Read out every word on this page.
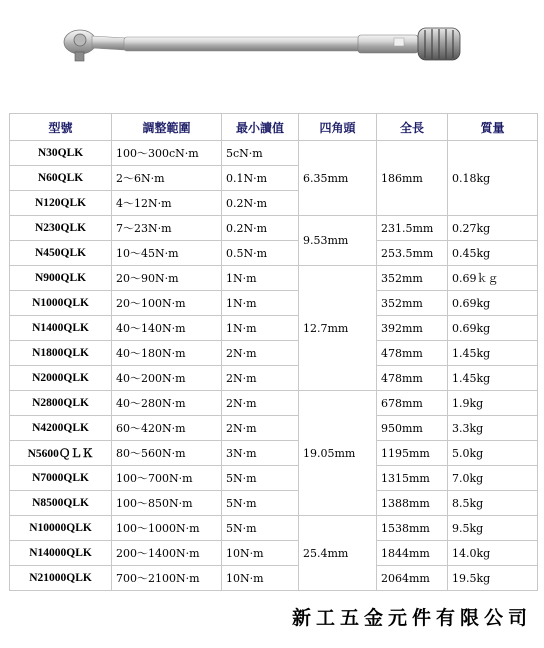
型號	調整範圍	最小讀值	四角頭	全長	質量
N30QLK	100～300cN·m	5cN·m	6.35mm	186mm	0.18kg
N60QLK	2～6N·m	0.1N·m			
N120QLK	4～12N·m	0.2N·m			
N230QLK	7～23N·m	0.2N·m	9.53mm	231.5mm	0.27kg
N450QLK	10～45N·m	0.5N·m		253.5mm	0.45kg
N900QLK	20～90N·m	1N·m	12.7mm	352mm	0.69ｋｇ
N1000QLK	20～100N·m	1N·m		352mm	0.69kg
N1400QLK	40～140N·m	1N·m		392mm	0.69kg
N1800QLK	40～180N·m	2N·m		478mm	1.45kg
N2000QLK	40～200N·m	2N·m		478mm	1.45kg
N2800QLK	40～280N·m	2N·m	19.05mm	678mm	1.9kg
N4200QLK	60～420N·m	2N·m		950mm	3.3kg
N5600ＱＬＫ	80～560N·m	3N·m		1195mm	5.0kg
N7000QLK	100～700N·m	5N·m		1315mm	7.0kg
N8500QLK	100～850N·m	5N·m		1388mm	8.5kg
N10000QLK	100～1000N·m	5N·m	25.4mm	1538mm	9.5kg
N14000QLK	200～1400N·m	10N·m		1844mm	14.0kg
N21000QLK	700～2100N·m	10N·m		2064mm	19.5kg
新工五金元件有限公司
